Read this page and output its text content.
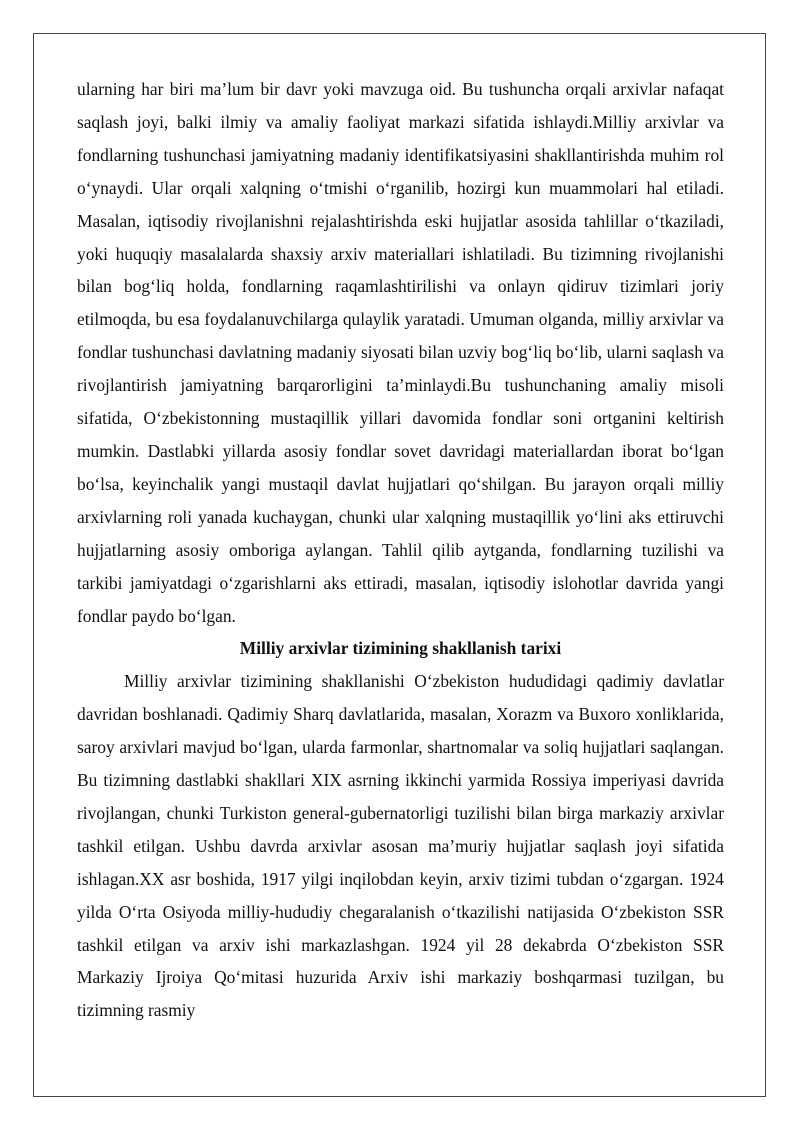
ularning har biri ma’lum bir davr yoki mavzuga oid. Bu tushuncha orqali arxivlar nafaqat saqlash joyi, balki ilmiy va amaliy faoliyat markazi sifatida ishlaydi.Milliy arxivlar va fondlarning tushunchasi jamiyatning madaniy identifikatsiyasini shakllantirishda muhim rol o‘ynaydi. Ular orqali xalqning o‘tmishi o‘rganilib, hozirgi kun muammolari hal etiladi. Masalan, iqtisodiy rivojlanishni rejalashtirishda eski hujjatlar asosida tahlillar o‘tkaziladi, yoki huquqiy masalalarda shaxsiy arxiv materiallari ishlatiladi. Bu tizimning rivojlanishi bilan bog‘liq holda, fondlarning raqamlashtirilishi va onlayn qidiruv tizimlari joriy etilmoqda, bu esa foydalanuvchilarga qulaylik yaratadi. Umuman olganda, milliy arxivlar va fondlar tushunchasi davlatning madaniy siyosati bilan uzviy bog‘liq bo‘lib, ularni saqlash va rivojlantirish jamiyatning barqarorligini ta’minlaydi.Bu tushunchaning amaliy misoli sifatida, O‘zbekistonning mustaqillik yillari davomida fondlar soni ortganini keltirish mumkin. Dastlabki yillarda asosiy fondlar sovet davridagi materiallardan iborat bo‘lgan bo‘lsa, keyinchalik yangi mustaqil davlat hujjatlari qo‘shilgan. Bu jarayon orqali milliy arxivlarning roli yanada kuchaygan, chunki ular xalqning mustaqillik yo‘lini aks ettiruvchi hujjatlarning asosiy omboriga aylangan. Tahlil qilib aytganda, fondlarning tuzilishi va tarkibi jamiyatdagi o‘zgarishlarni aks ettiradi, masalan, iqtisodiy islohotlar davrida yangi fondlar paydo bo‘lgan.

Milliy arxivlar tizimining shakllanish tarixi

Milliy arxivlar tizimining shakllanishi O‘zbekiston hududidagi qadimiy davlatlar davridan boshlanadi. Qadimiy Sharq davlatlarida, masalan, Xorazm va Buxoro xonliklarida, saroy arxivlari mavjud bo‘lgan, ularda farmonlar, shartnomalar va soliq hujjatlari saqlangan. Bu tizimning dastlabki shakllari XIX asrning ikkinchi yarmida Rossiya imperiyasi davrida rivojlangan, chunki Turkiston general-gubernatorligi tuzilishi bilan birga markaziy arxivlar tashkil etilgan. Ushbu davrda arxivlar asosan ma’muriy hujjatlar saqlash joyi sifatida ishlagan.XX asr boshida, 1917 yilgi inqilobdan keyin, arxiv tizimi tubdan o‘zgargan. 1924 yilda O‘rta Osiyoda milliy-hududiy chegaralanish o‘tkazilishi natijasida O‘zbekiston SSR tashkil etilgan va arxiv ishi markazlashgan. 1924 yil 28 dekabrda O‘zbekiston SSR Markaziy Ijroiya Qo‘mitasi huzurida Arxiv ishi markaziy boshqarmasi tuzilgan, bu tizimning rasmiy
